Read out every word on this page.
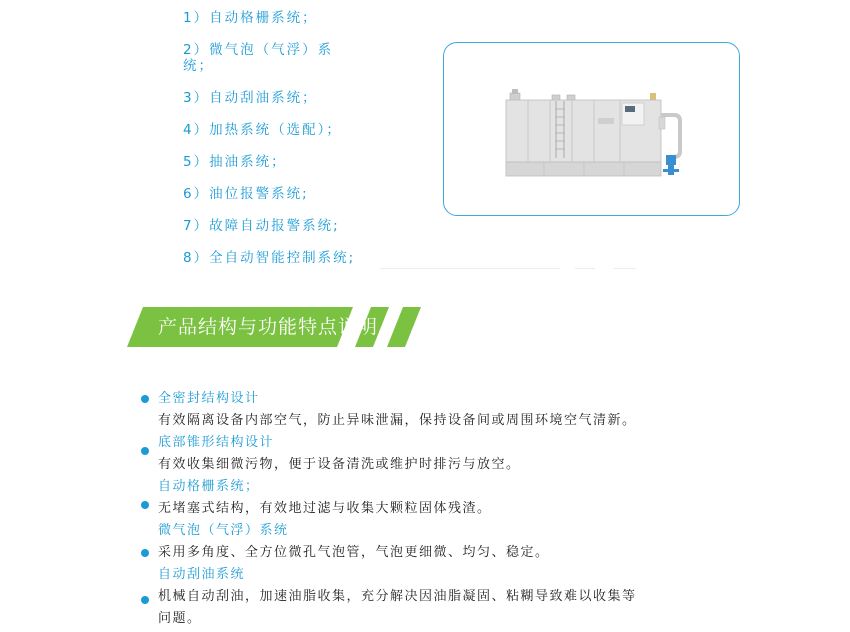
1）自动格栅系统；
2）微气泡（气浮）系
统；
3）自动刮油系统；
4）加热系统（选配）；
5）抽油系统；
6）油位报警系统;
7）故障自动报警系统;
8）全自动智能控制系统;
产品结构与功能特点说明
全密封结构设计
有效隔离设备内部空气，防止异味泄漏，保持设备间或周围环境空气清新。
底部锥形结构设计
有效收集细微污物，便于设备清洗或维护时排污与放空。
自动格栅系统；
无堵塞式结构，有效地过滤与收集大颗粒固体残渣。
微气泡（气浮）系统
采用多角度、全方位微孔气泡管，气泡更细微、均匀、稳定。
自动刮油系统
机械自动刮油，加速油脂收集，充分解决因油脂凝固、粘糊导致难以收集等
问题。
